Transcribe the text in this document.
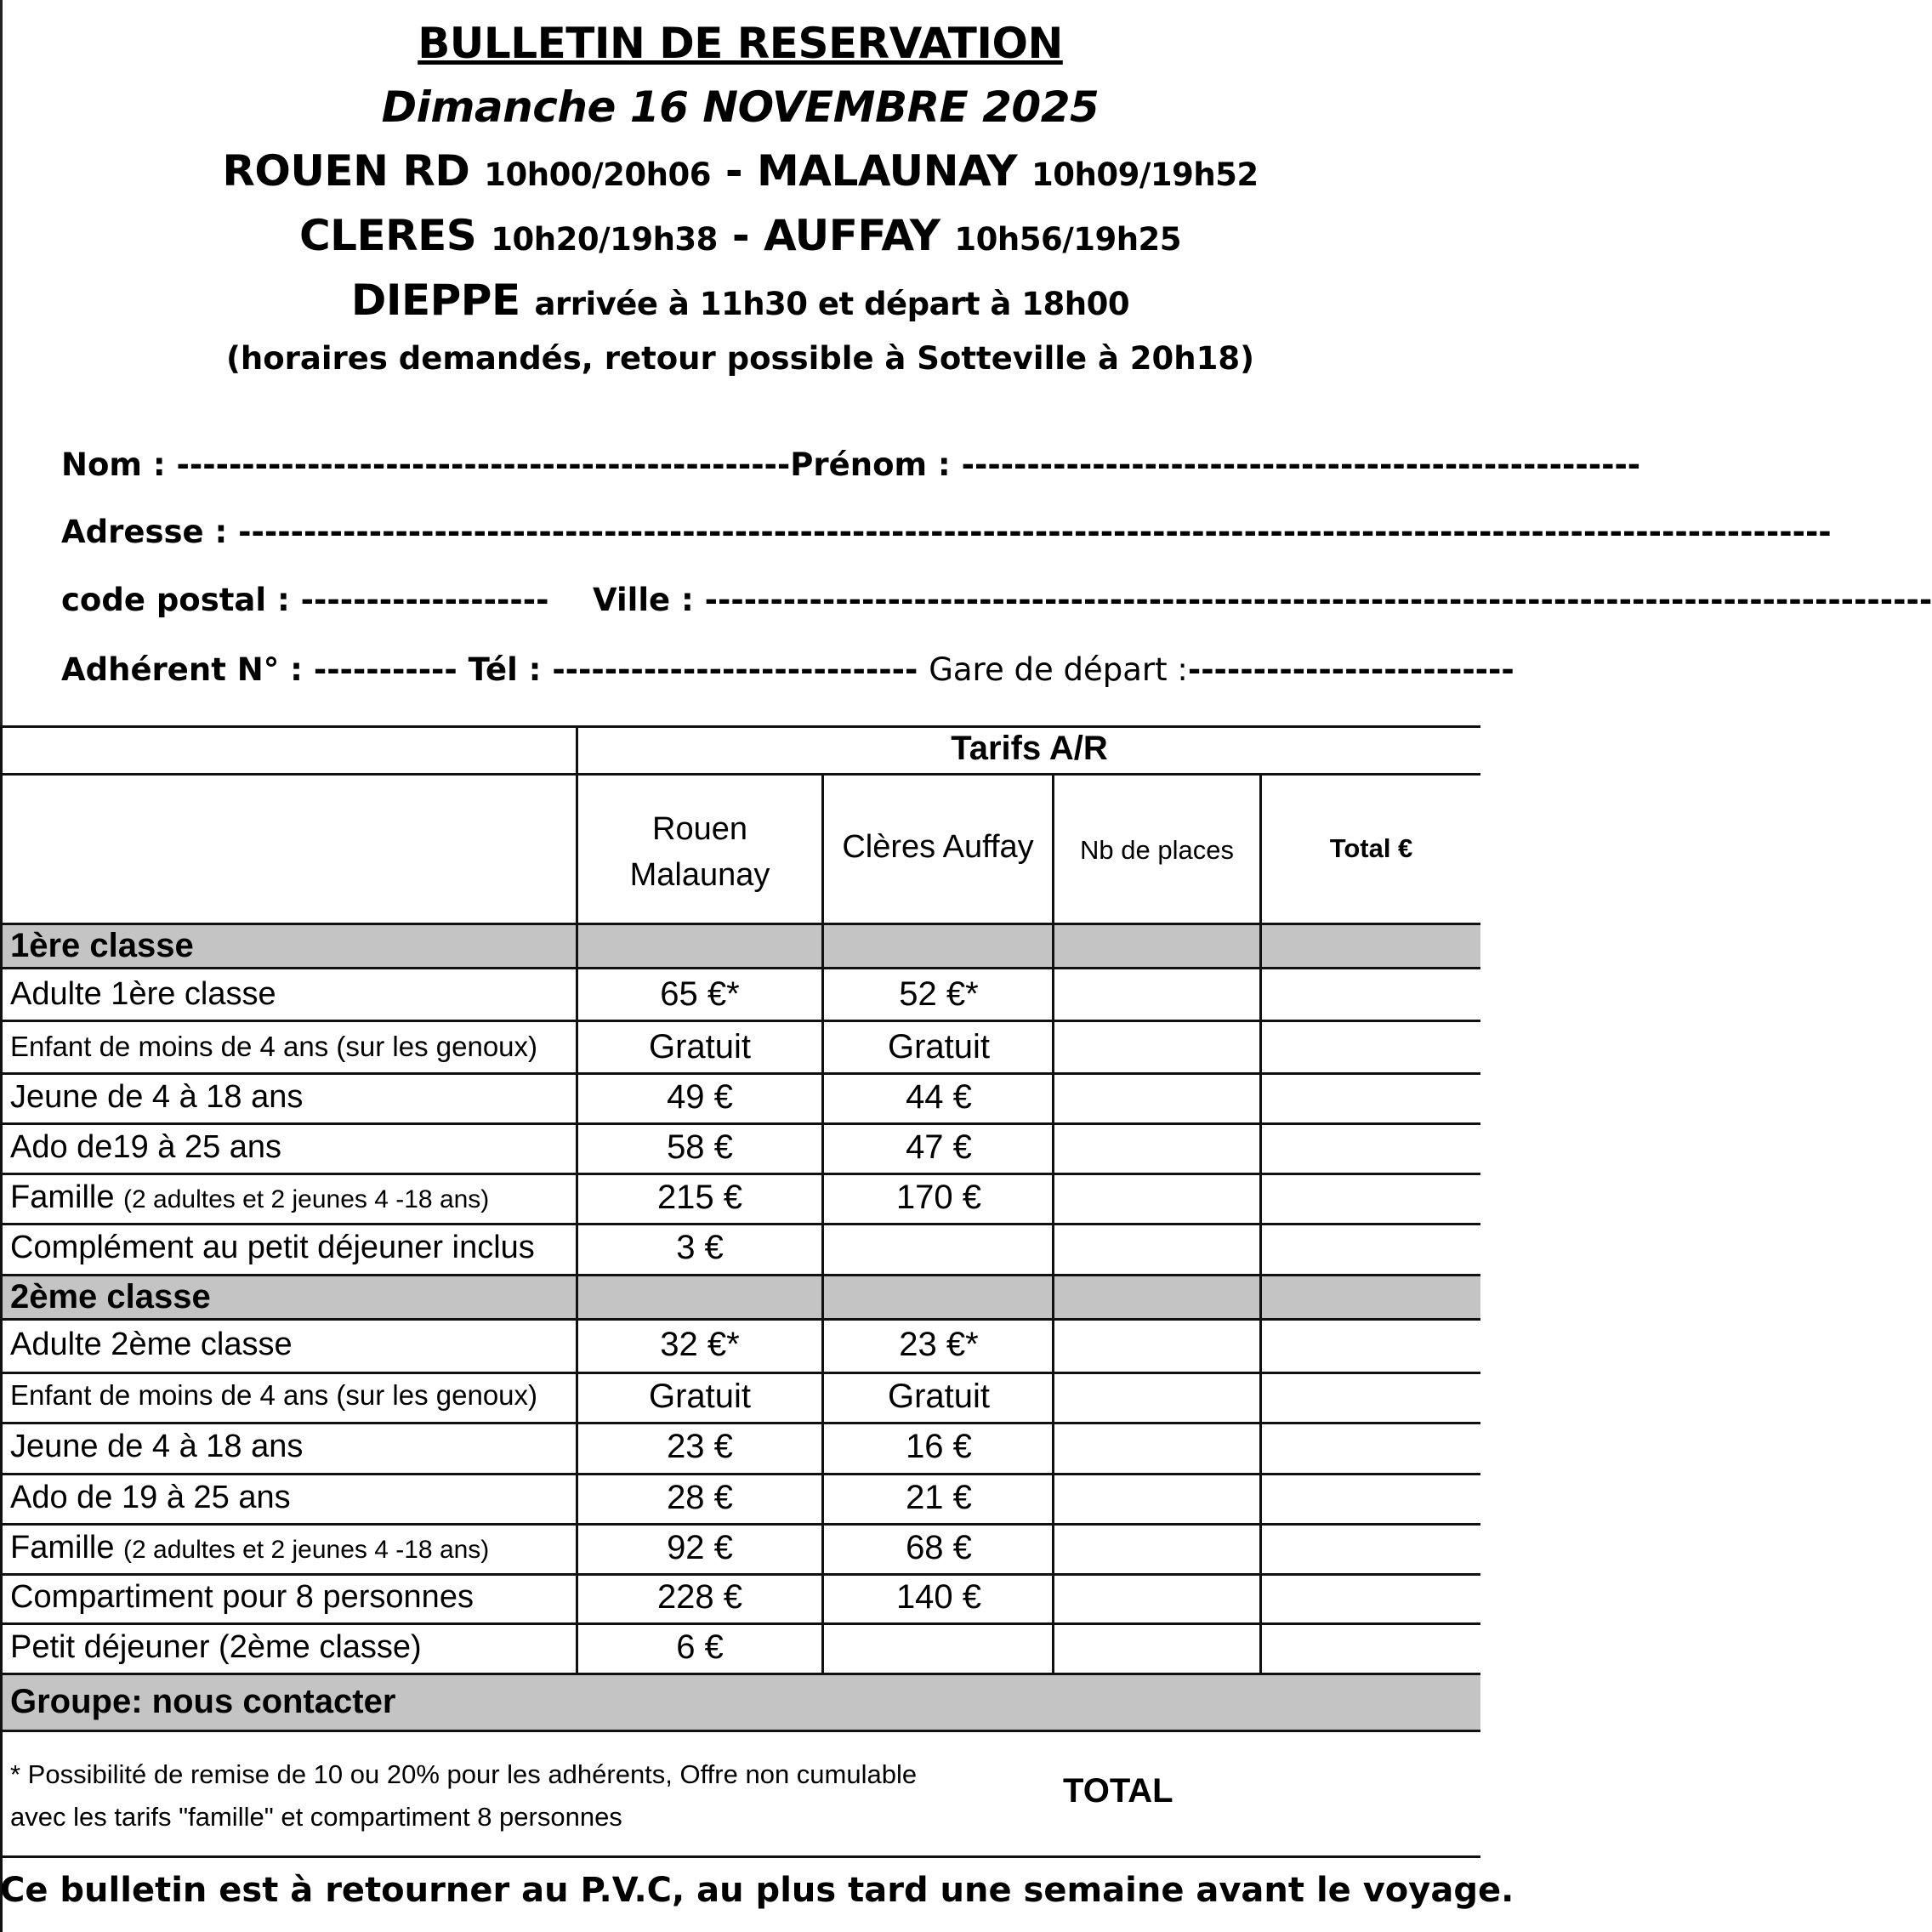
BULLETIN DE RESERVATION
Dimanche 16 NOVEMBRE 2025
ROUEN RD 10h00/20h06 - MALAUNAY 10h09/19h52
CLERES 10h20/19h38 - AUFFAY 10h56/19h25
DIEPPE arrivée à 11h30 et départ à 18h00
(horaires demandés, retour possible à Sotteville à 20h18)
Nom : -----------------------------------------------Prénom : ----------------------------------------------------
Adresse : --------------------------------------------------------------------------------------------------------------------------
code postal : ------------------- Ville : ----------------------------------------------------------------------------------------------
Adhérent N° : ----------- Tél : ---------------------------- Gare de départ :-------------------------
Tarifs A/R
Rouen
Malaunay
Clères Auffay	Nb de places	Total €
1ère classe
Adulte 1ère classe	65 €*	52 €*
Enfant de moins de 4 ans (sur les genoux)	Gratuit	Gratuit
Jeune de 4 à 18 ans	49 €	44 €
Ado de19 à 25 ans	58 €	47 €
Famille (2 adultes et 2 jeunes 4 -18 ans)	215 €	170 €
Complément au petit déjeuner inclus	3 €
2ème classe
Adulte 2ème classe	32 €*	23 €*
Enfant de moins de 4 ans (sur les genoux)	Gratuit	Gratuit
Jeune de 4 à 18 ans	23 €	16 €
Ado de 19 à 25 ans	28 €	21 €
Famille (2 adultes et 2 jeunes 4 -18 ans)	92 €	68 €
Compartiment pour 8 personnes	228 €	140 €
Petit déjeuner (2ème classe)	6 €
Groupe: nous contacter
* Possibilité de remise de 10 ou 20% pour les adhérents, Offre non cumulable
avec les tarifs "famille" et compartiment 8 personnes
TOTAL
Ce bulletin est à retourner au P.V.C, au plus tard une semaine avant le voyage.
